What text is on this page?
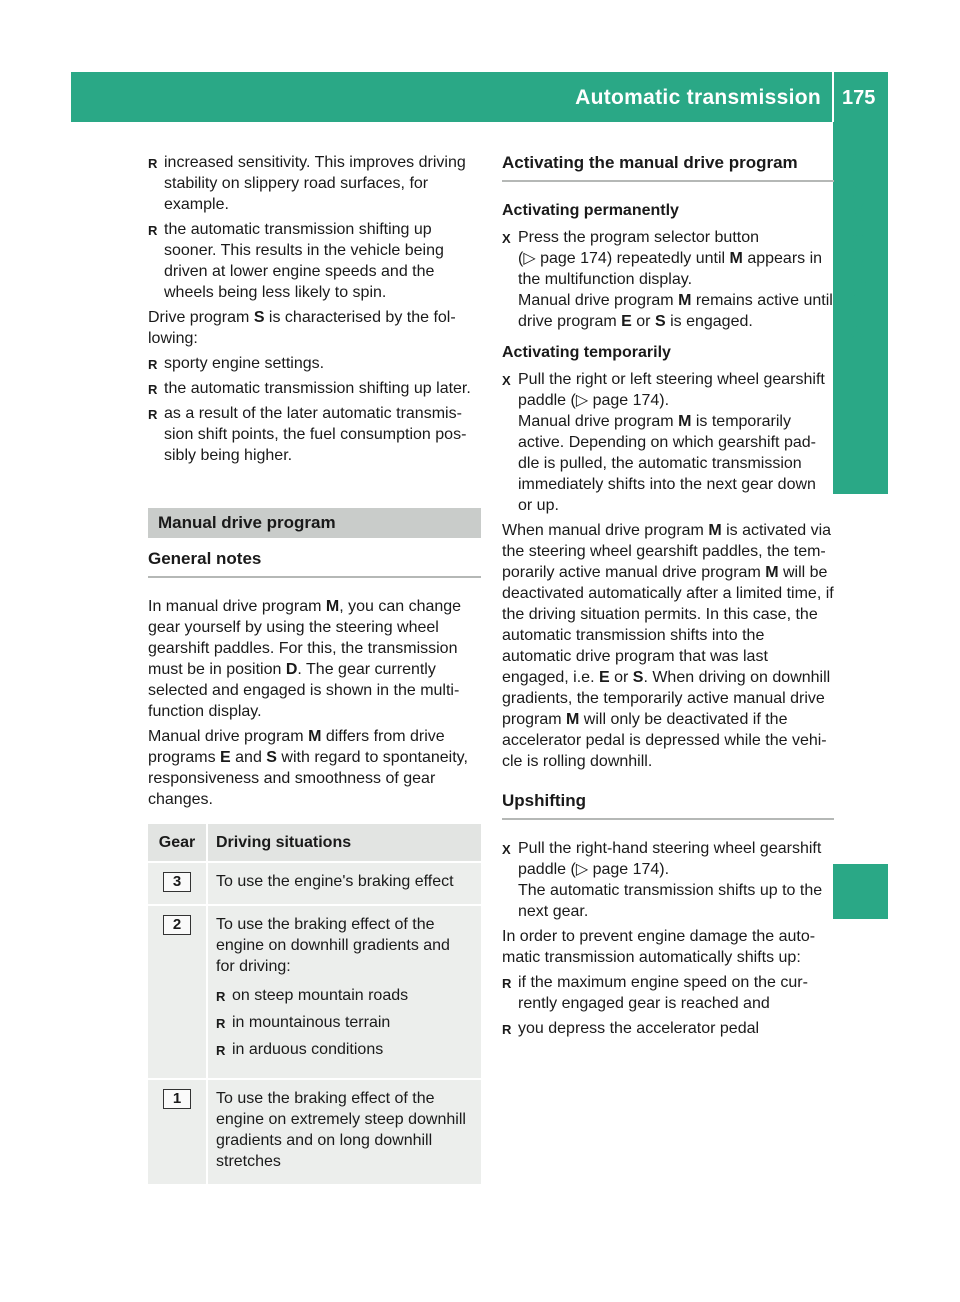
Automatic transmission 175
Driving and parking

R increased sensitivity. This improves driving stability on slippery road surfaces, for example.

R the automatic transmission shifting up sooner. This results in the vehicle being driven at lower engine speeds and the wheels being less likely to spin.

Drive program S is characterised by the fol- lowing:

R sporty engine settings.

R the automatic transmission shifting up later.

R as a result of the later automatic transmis- sion shift points, the fuel consumption pos- sibly being higher.

Manual drive program
General notes

In manual drive program M, you can change gear yourself by using the steering wheel gearshift paddles. For this, the transmission must be in position D. The gear currently selected and engaged is shown in the multi- function display.

Manual drive program M differs from drive programs E and S with regard to spontaneity, responsiveness and smoothness of gear changes.

Gear	Driving situations
3	To use the engine's braking effect
2	To use the braking effect of the engine on downhill gradients and for driving:

R on steep mountain roads

R in mountainous terrain

R in arduous conditions

1	To use the braking effect of the engine on extremely steep downhill gradients and on long downhill stretches
Activating the manual drive program
Activating permanently

X Press the program selector button
(▷ page 174) repeatedly until M appears in the multifunction display.
Manual drive program M remains active until drive program E or S is engaged.

Activating temporarily

X Pull the right or left steering wheel gearshift paddle (▷ page 174).
Manual drive program M is temporarily active. Depending on which gearshift pad- dle is pulled, the automatic transmission immediately shifts into the next gear down or up.

When manual drive program M is activated via the steering wheel gearshift paddles, the tem- porarily active manual drive program M will be deactivated automatically after a limited time, if the driving situation permits. In this case, the automatic transmission shifts into the automatic drive program that was last engaged, i.e. E or S. When driving on downhill gradients, the temporarily active manual drive program M will only be deactivated if the accelerator pedal is depressed while the vehi- cle is rolling downhill.

Upshifting

X Pull the right-hand steering wheel gearshift paddle (▷ page 174).
The automatic transmission shifts up to the next gear.

In order to prevent engine damage the auto- matic transmission automatically shifts up:

R if the maximum engine speed on the cur- rently engaged gear is reached and

R you depress the accelerator pedal
